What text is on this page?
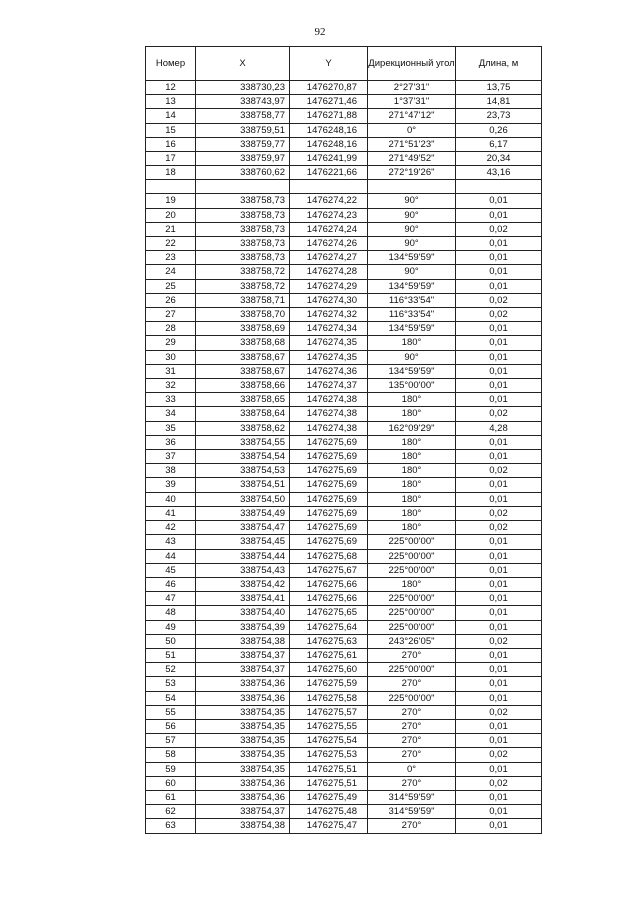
92
Номер	X	Y	Дирекционный угол	Длина, м
12	338730,23	1476270,87	2°27'31"	13,75
13	338743,97	1476271,46	1°37'31"	14,81
14	338758,77	1476271,88	271°47'12"	23,73
15	338759,51	1476248,16	0°	0,26
16	338759,77	1476248,16	271°51'23"	6,17
17	338759,97	1476241,99	271°49'52"	20,34
18	338760,62	1476221,66	272°19'26"	43,16

19	338758,73	1476274,22	90°	0,01
20	338758,73	1476274,23	90°	0,01
21	338758,73	1476274,24	90°	0,02
22	338758,73	1476274,26	90°	0,01
23	338758,73	1476274,27	134°59'59"	0,01
24	338758,72	1476274,28	90°	0,01
25	338758,72	1476274,29	134°59'59"	0,01
26	338758,71	1476274,30	116°33'54"	0,02
27	338758,70	1476274,32	116°33'54"	0,02
28	338758,69	1476274,34	134°59'59"	0,01
29	338758,68	1476274,35	180°	0,01
30	338758,67	1476274,35	90°	0,01
31	338758,67	1476274,36	134°59'59"	0,01
32	338758,66	1476274,37	135°00'00"	0,01
33	338758,65	1476274,38	180°	0,01
34	338758,64	1476274,38	180°	0,02
35	338758,62	1476274,38	162°09'29"	4,28
36	338754,55	1476275,69	180°	0,01
37	338754,54	1476275,69	180°	0,01
38	338754,53	1476275,69	180°	0,02
39	338754,51	1476275,69	180°	0,01
40	338754,50	1476275,69	180°	0,01
41	338754,49	1476275,69	180°	0,02
42	338754,47	1476275,69	180°	0,02
43	338754,45	1476275,69	225°00'00"	0,01
44	338754,44	1476275,68	225°00'00"	0,01
45	338754,43	1476275,67	225°00'00"	0,01
46	338754,42	1476275,66	180°	0,01
47	338754,41	1476275,66	225°00'00"	0,01
48	338754,40	1476275,65	225°00'00"	0,01
49	338754,39	1476275,64	225°00'00"	0,01
50	338754,38	1476275,63	243°26'05"	0,02
51	338754,37	1476275,61	270°	0,01
52	338754,37	1476275,60	225°00'00"	0,01
53	338754,36	1476275,59	270°	0,01
54	338754,36	1476275,58	225°00'00"	0,01
55	338754,35	1476275,57	270°	0,02
56	338754,35	1476275,55	270°	0,01
57	338754,35	1476275,54	270°	0,01
58	338754,35	1476275,53	270°	0,02
59	338754,35	1476275,51	0°	0,01
60	338754,36	1476275,51	270°	0,02
61	338754,36	1476275,49	314°59'59"	0,01
62	338754,37	1476275,48	314°59'59"	0,01
63	338754,38	1476275,47	270°	0,01
